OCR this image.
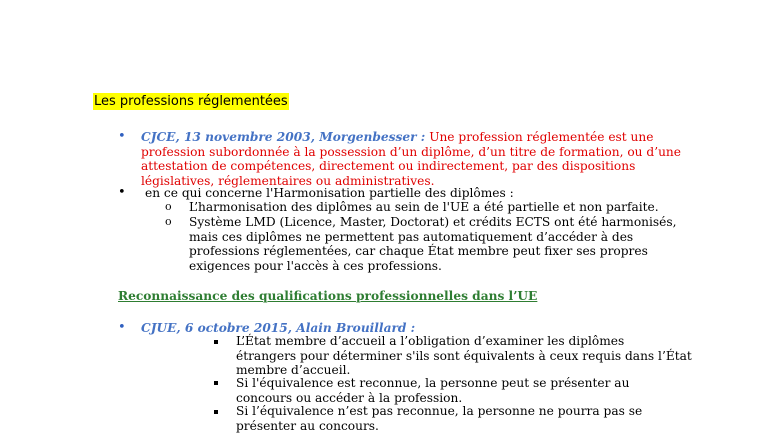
Les professions réglementées
• CJCE, 13 novembre 2003, Morgenbesser : Une profession réglementée est une
profession subordonnée à la possession d’un diplôme, d’un titre de formation, ou d’une
attestation de compétences, directement ou indirectement, par des dispositions
législatives, réglementaires ou administratives.
• en ce qui concerne l'Harmonisation partielle des diplômes :
o L’harmonisation des diplômes au sein de l'UE a été partielle et non parfaite.
o Système LMD (Licence, Master, Doctorat) et crédits ECTS ont été harmonisés,
mais ces diplômes ne permettent pas automatiquement d’accéder à des
professions réglementées, car chaque État membre peut fixer ses propres
exigences pour l'accès à ces professions.
Reconnaissance des qualifications professionnelles dans l’UE
• CJUE, 6 octobre 2015, Alain Brouillard :
L’État membre d’accueil a l’obligation d’examiner les diplômes
étrangers pour déterminer s'ils sont équivalents à ceux requis dans l’État
membre d’accueil.
Si l'équivalence est reconnue, la personne peut se présenter au
concours ou accéder à la profession.
Si l’équivalence n’est pas reconnue, la personne ne pourra pas se
présenter au concours.
